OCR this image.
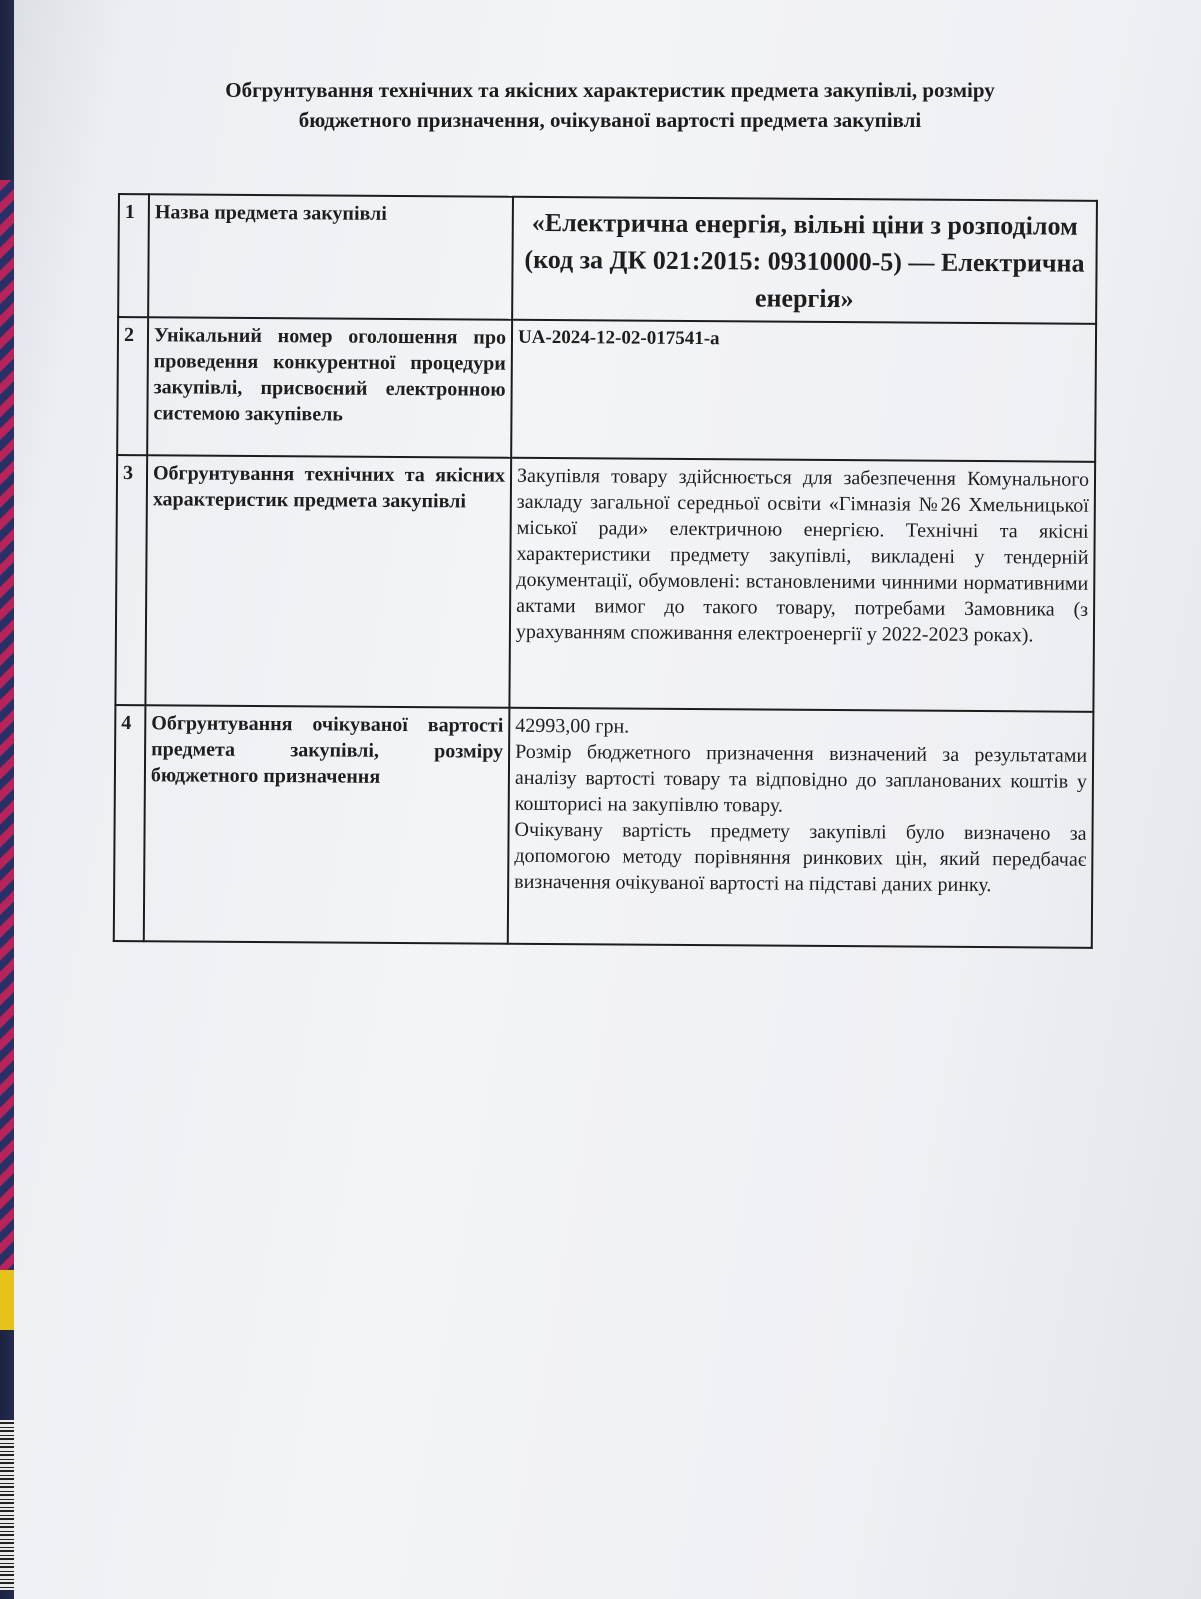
Обгрунтування технічних та якісних характеристик предмета закупівлі, розміру
бюджетного призначення, очікуваної вартості предмета закупівлі
1	Назва предмета закупівлі	«Електрична енергія, вільні ціни з розподілом (код за ДК 021:2015: 09310000-5) — Електрична енергія»
2	Унікальний номер оголошення про проведення конкурентної процедури закупівлі, присвоєний електронною системою закупівель	UA-2024-12-02-017541-a
3	Обгрунтування технічних та якісних характеристик предмета закупівлі	Закупівля товару здійснюється для забезпечення Комунального закладу загальної середньої освіти «Гімназія №26 Хмельницької міської ради» електричною енергією. Технічні та якісні характеристики предмету закупівлі, викладені у тендерній документації, обумовлені: встановленими чинними нормативними актами вимог до такого товару, потребами Замовника (з урахуванням споживання електроенергії у 2022-2023 роках).
4	Обгрунтування очікуваної вартості предмета закупівлі, розміру бюджетного призначення	42993,00 грн.
Розмір бюджетного призначення визначений за результатами аналізу вартості товару та відповідно до запланованих коштів у кошторисі на закупівлю товару.
Очікувану вартість предмету закупівлі було визначено за допомогою методу порівняння ринкових цін, який передбачає визначення очікуваної вартості на підставі даних ринку.
